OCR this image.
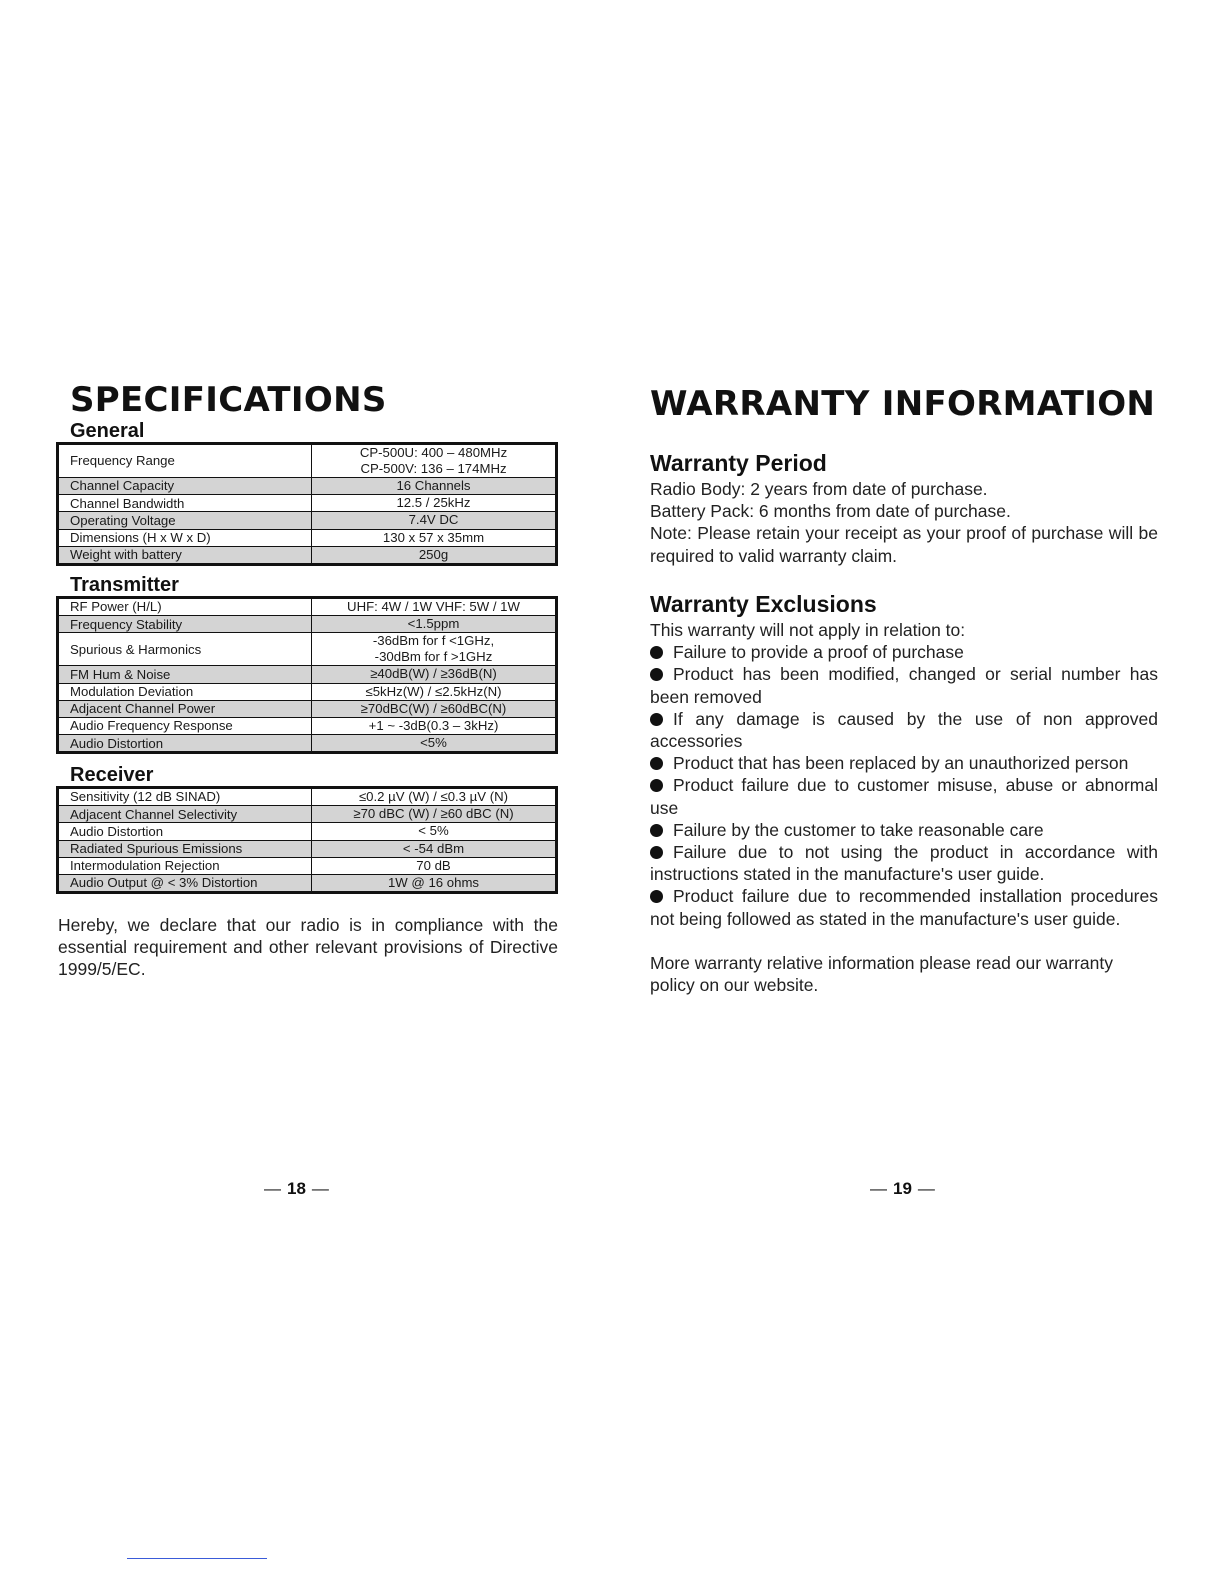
SPECIFICATIONS
General
Frequency Range	CP-500U: 400 – 480MHz
CP-500V: 136 – 174MHz

Channel Capacity	16 Channels

Channel Bandwidth	12.5 / 25kHz

Operating Voltage	7.4V DC

Dimensions (H x W x D)	130 x 57 x 35mm

Weight with battery	250g
Transmitter
RF Power (H/L)	UHF: 4W / 1W VHF: 5W / 1W

Frequency Stability	<1.5ppm

Spurious & Harmonics	-36dBm for f <1GHz,
-30dBm for f >1GHz

FM Hum & Noise	≥40dB(W) / ≥36dB(N)

Modulation Deviation	≤5kHz(W) / ≤2.5kHz(N)

Adjacent Channel Power	≥70dBC(W) / ≥60dBC(N)

Audio Frequency Response	+1 ~ -3dB(0.3 – 3kHz)

Audio Distortion	<5%
Receiver
Sensitivity (12 dB SINAD)	≤0.2 µV (W) / ≤0.3 µV (N)

Adjacent Channel Selectivity	≥70 dBC (W) / ≥60 dBC (N)

Audio Distortion	< 5%

Radiated Spurious Emissions	< -54 dBm

Intermodulation Rejection	70 dB

Audio Output @ < 3% Distortion	1W @ 16 ohms

Hereby, we declare that our radio is in compliance with the essential requirement and other relevant provisions of Directive 1999/5/EC.

— 18 —
WARRANTY INFORMATION
Warranty Period

Radio Body: 2 years from date of purchase.

Battery Pack: 6 months from date of purchase.

Note: Please retain your receipt as your proof of purchase will be required to valid warranty claim.

Warranty Exclusions

This warranty will not apply in relation to:

Failure to provide a proof of purchase
Product has been modified, changed or serial number has been removed
If any damage is caused by the use of non approved accessories
Product that has been replaced by an unauthorized person
Product failure due to customer misuse, abuse or abnormal use
Failure by the customer to take reasonable care
Failure due to not using the product in accordance with instructions stated in the manufacture's user guide.
Product failure due to recommended installation procedures not being followed as stated in the manufacture's user guide.

More warranty relative information please read our warranty policy on our website.

— 19 —
